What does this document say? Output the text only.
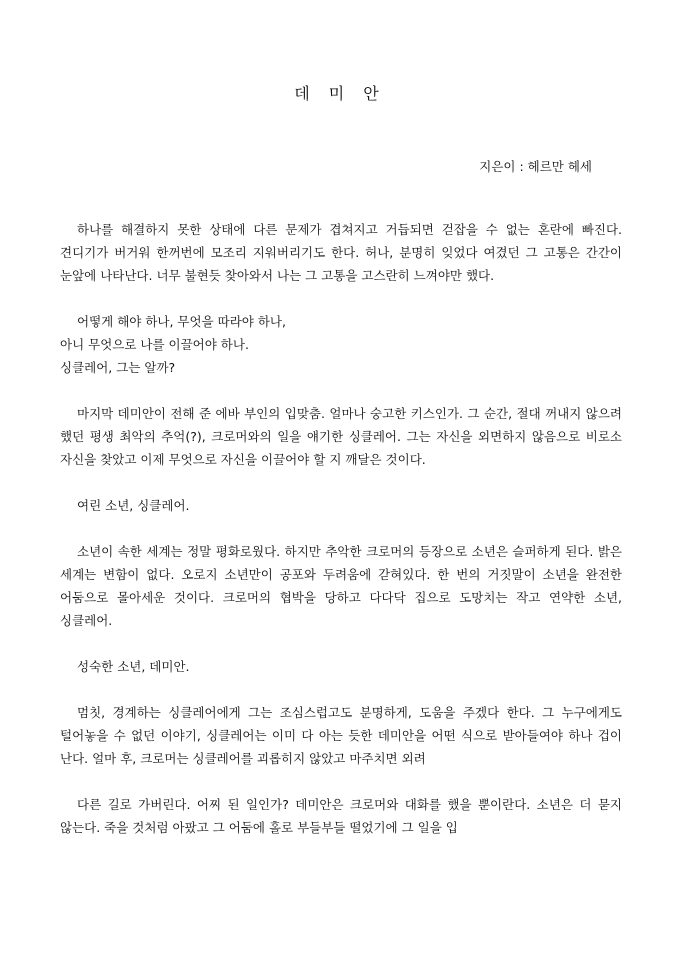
데 미 안

지은이 : 헤르만 헤세

하나를 해결하지 못한 상태에 다른 문제가 겹쳐지고 거듭되면 걷잡을 수 없는 혼란에 빠진다. 견디기가 버거워 한꺼번에 모조리 지워버리기도 한다. 허나, 분명히 잊었다 여겼던 그 고통은 간간이 눈앞에 나타난다. 너무 불현듯 찾아와서 나는 그 고통을 고스란히 느껴야만 했다.

어떻게 해야 하나, 무엇을 따라야 하나,
아니 무엇으로 나를 이끌어야 하나.
싱클레어, 그는 알까?

마지막 데미안이 전해 준 에바 부인의 입맞춤. 얼마나 숭고한 키스인가. 그 순간, 절대 꺼내지 않으려 했던 평생 최악의 추억(?), 크로머와의 일을 얘기한 싱클레어. 그는 자신을 외면하지 않음으로 비로소 자신을 찾았고 이제 무엇으로 자신을 이끌어야 할 지 깨달은 것이다.

여린 소년, 싱클레어.

소년이 속한 세계는 정말 평화로웠다. 하지만 추악한 크로머의 등장으로 소년은 슬퍼하게 된다. 밝은 세계는 변함이 없다. 오로지 소년만이 공포와 두려움에 갇혀있다. 한 번의 거짓말이 소년을 완전한 어둠으로 몰아세운 것이다. 크로머의 협박을 당하고 다다닥 집으로 도망치는 작고 연약한 소년, 싱클레어.

성숙한 소년, 데미안.

멈칫, 경계하는 싱클레어에게 그는 조심스럽고도 분명하게, 도움을 주겠다 한다. 그 누구에게도 털어놓을 수 없던 이야기, 싱클레어는 이미 다 아는 듯한 데미안을 어떤 식으로 받아들여야 하나 겁이 난다. 얼마 후, 크로머는 싱클레어를 괴롭히지 않았고 마주치면 외려

다른 길로 가버린다. 어찌 된 일인가? 데미안은 크로머와 대화를 했을 뿐이란다. 소년은 더 묻지 않는다. 죽을 것처럼 아팠고 그 어둠에 홀로 부들부들 떨었기에 그 일을 입
